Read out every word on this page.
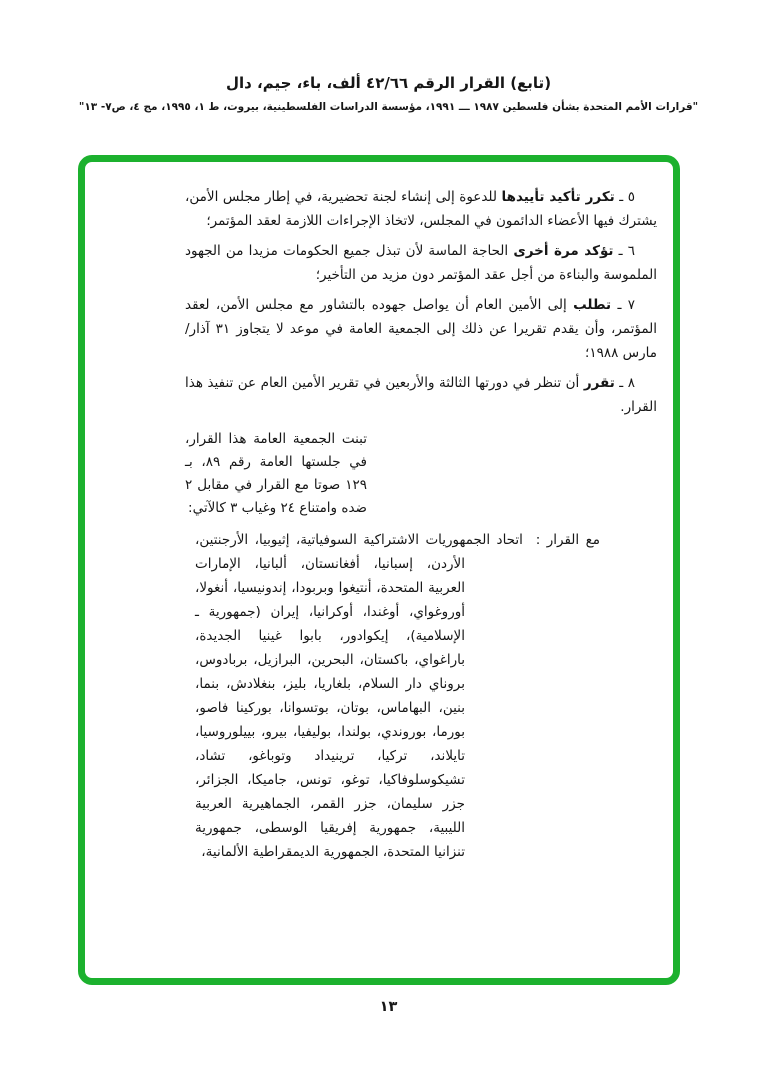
(تابع) القرار الرقم ٤٢/٦٦ ألف، باء، جيم، دال
"قرارات الأمم المتحدة بشأن فلسطين ١٩٨٧ ـــ ١٩٩١، مؤسسة الدراسات الفلسطينية، بيروت، ط ١، ١٩٩٥، مج ٤، ص٧- ١٣"

٥ ـ تكرر تأكيد تأييدها للدعوة إلى إنشاء لجنة تحضيرية، في إطار مجلس الأمن، يشترك فيها الأعضاء الدائمون في المجلس، لاتخاذ الإجراءات اللازمة لعقد المؤتمر؛

٦ ـ تؤكد مرة أخرى الحاجة الماسة لأن تبذل جميع الحكومات مزيدا من الجهود الملموسة والبناءة من أجل عقد المؤتمر دون مزيد من التأخير؛

٧ ـ تطلب إلى الأمين العام أن يواصل جهوده بالتشاور مع مجلس الأمن، لعقد المؤتمر، وأن يقدم تقريرا عن ذلك إلى الجمعية العامة في موعد لا يتجاوز ٣١ آذار/مارس ١٩٨٨؛

٨ ـ تقرر أن تنظر في دورتها الثالثة والأربعين في تقرير الأمين العام عن تنفيذ هذا القرار.

تبنت الجمعية العامة هذا القرار، في جلستها العامة رقم ٨٩، بـ ١٢٩ صوتا مع القرار في مقابل ٢ ضده وامتناع ٢٤ وغياب ٣ كالآتي:
مع القرار :  اتحاد الجمهوريات الاشتراكية السوفياتية، إثيوبيا، الأرجنتين، الأردن، إسبانيا، أفغانستان، ألبانيا، الإمارات العربية المتحدة، أنتيغوا وبربودا، إندونيسيا، أنغولا، أوروغواي، أوغندا، أوكرانيا، إيران (جمهورية ـ الإسلامية)، إيكوادور، بابوا غينيا الجديدة، باراغواي، باكستان، البحرين، البرازيل، بربادوس، بروناي دار السلام، بلغاريا، بليز، بنغلادش، بنما، بنين، البهاماس، بوتان، بوتسوانا، بوركينا فاصو، بورما، بوروندي، بولندا، بوليفيا، بيرو، بييلوروسيا، تايلاند، تركيا، ترينيداد وتوباغو، تشاد، تشيكوسلوفاكيا، توغو، تونس، جاميكا، الجزائر، جزر سليمان، جزر القمر، الجماهيرية العربية الليبية، جمهورية إفريقيا الوسطى، جمهورية تنزانيا المتحدة، الجمهورية الديمقراطية الألمانية،
١٣
